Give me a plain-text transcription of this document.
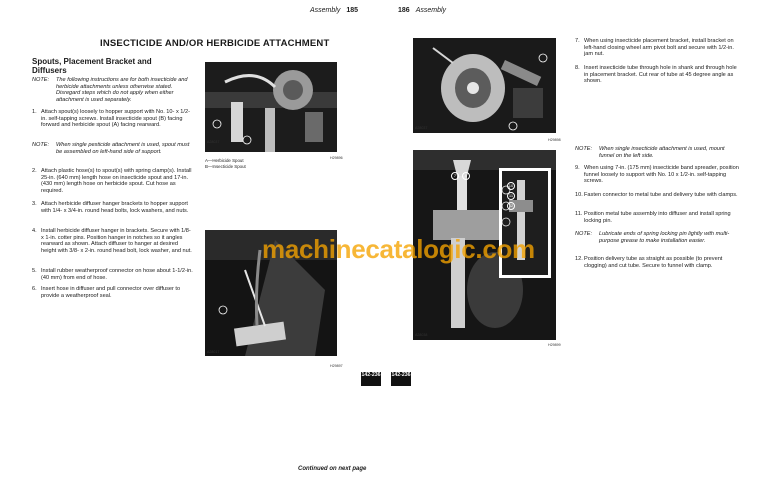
Assembly 185
INSECTICIDE AND/OR HERBICIDE ATTACHMENT
Spouts, Placement Bracket and Diffusers
NOTE: The following instructions are for both insecticide and herbicide attachments unless otherwise stated. Disregard steps which do not apply when either attachment is used separately.
1. Attach spout(s) loosely to hopper support with No. 10- x 1/2-in. self-tapping screws. Install insecticide spout (B) facing forward and herbicide spout (A) facing rearward.
NOTE: When single pesticide attachment is used, spout must be assembled on left-hand side of support.
2. Attach plastic hose(s) to spout(s) with spring clamp(s). Install 25-in. (640 mm) length hose on insecticide spout and 17-in. (430 mm) length hose on herbicide spout. Cut hose as required.
3. Attach herbicide diffuser hanger brackets to hopper support with 1/4- x 3/4-in. round head bolts, lock washers, and nuts.
4. Install herbicide diffuser hanger in brackets. Secure with 1/8- x 1-in. cotter pins. Position hanger in notches so it angles rearward as shown. Attach diffuser to hanger at desired height with 3/8- x 2-in. round head bolt, lock washer, and nut.
5. Install rubber weatherproof connector on hose about 1-1/2-in. (40 mm) from end of hose.
6. Insert hose in diffuser and pull connector over diffuser to provide a weatherproof seal.
A28037
H29896
A—Herbicide Spout
B—Insecticide Spout
A28017
H29897
142-236
Continued on next page
186 Assembly
142-236
A28037
H29898
7	9
10
11
12
A28038
H29899
7. When using insecticide placement bracket, install bracket on left-hand closing wheel arm pivot bolt and secure with 1/2-in. jam nut.
8. Insert insecticide tube through hole in shank and through hole in placement bracket. Cut rear of tube at 45 degree angle as shown.
NOTE: When single insecticide attachment is used, mount funnel on the left side.
9. When using 7-in. (175 mm) insecticide band spreader, position funnel loosely to support with No. 10 x 1/2-in. self-tapping screws.
10. Fasten connector to metal tube and delivery tube with clamps.
11. Position metal tube assembly into diffuser and install spring locking pin.
NOTE: Lubricate ends of spring locking pin lightly with multi-purpose grease to make installation easier.
12. Position delivery tube as straight as possible (to prevent clogging) and cut tube. Secure to funnel with clamp.
machinecatalogic.com
